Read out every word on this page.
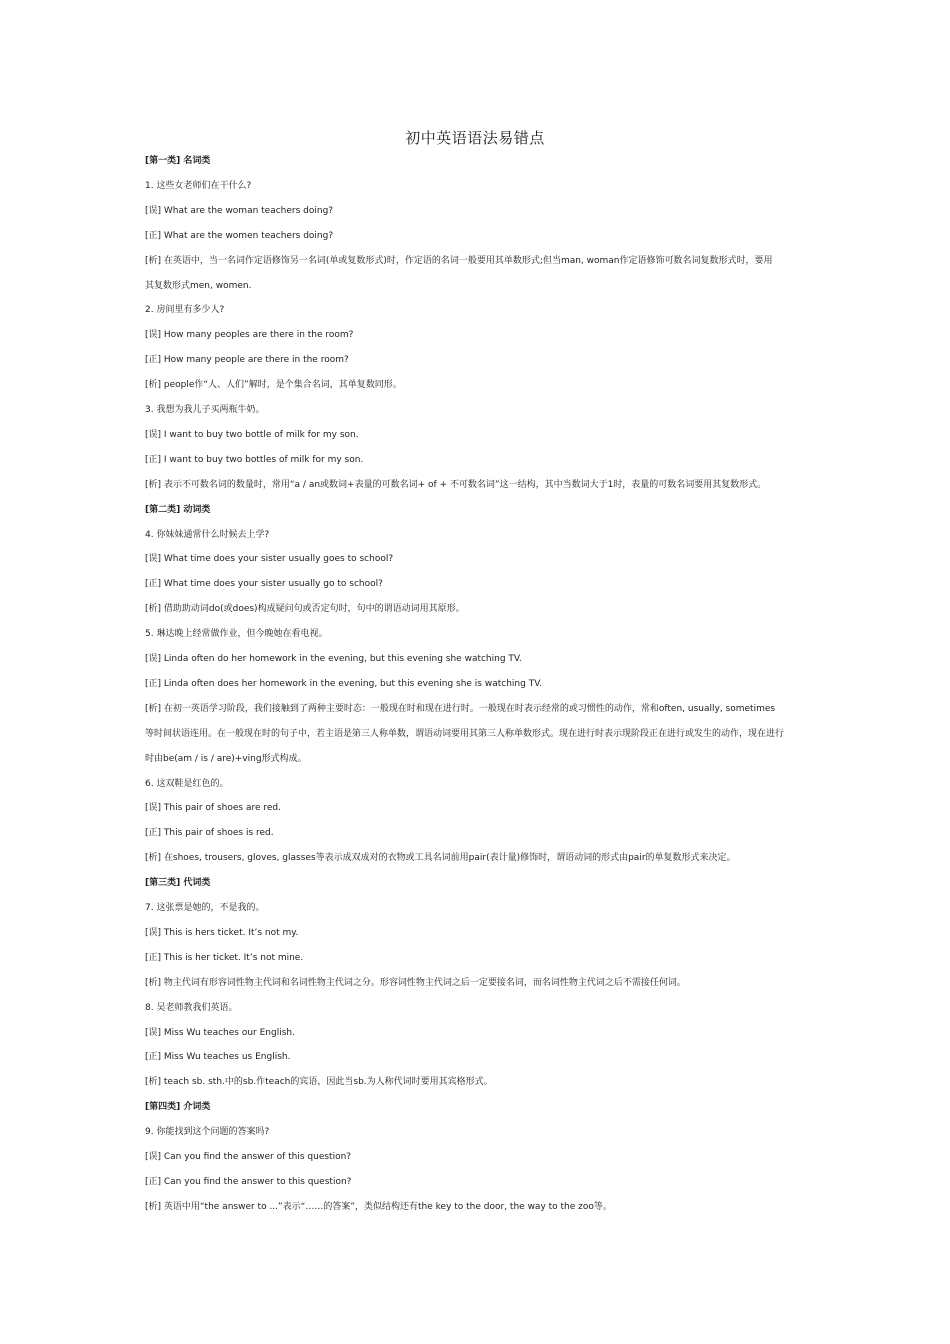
初中英语语法易错点
[第一类] 名词类
1. 这些女老师们在干什么?
[误] What are the woman teachers doing?
[正] What are the women teachers doing?
[析] 在英语中，当一名词作定语修饰另一名词(单或复数形式)时，作定语的名词一般要用其单数形式;但当man, woman作定语修饰可数名词复数形式时，要用
其复数形式men, women.
2. 房间里有多少人?
[误] How many peoples are there in the room?
[正] How many people are there in the room?
[析] people作“人、人们”解时，是个集合名词，其单复数同形。
3. 我想为我儿子买两瓶牛奶。
[误] I want to buy two bottle of milk for my son.
[正] I want to buy two bottles of milk for my son.
[析] 表示不可数名词的数量时，常用“a / an或数词+表量的可数名词+ of + 不可数名词”这一结构，其中当数词大于1时，表量的可数名词要用其复数形式。
[第二类] 动词类
4. 你妹妹通常什么时候去上学?
[误] What time does your sister usually goes to school?
[正] What time does your sister usually go to school?
[析] 借助助动词do(或does)构成疑问句或否定句时，句中的谓语动词用其原形。
5. 琳达晚上经常做作业，但今晚她在看电视。
[误] Linda often do her homework in the evening, but this evening she watching TV.
[正] Linda often does her homework in the evening, but this evening she is watching TV.
[析] 在初一英语学习阶段，我们接触到了两种主要时态：一般现在时和现在进行时。一般现在时表示经常的或习惯性的动作，常和often, usually, sometimes
等时间状语连用。在一般现在时的句子中，若主语是第三人称单数，谓语动词要用其第三人称单数形式。现在进行时表示现阶段正在进行或发生的动作，现在进行
时由be(am / is / are)+ving形式构成。
6. 这双鞋是红色的。
[误] This pair of shoes are red.
[正] This pair of shoes is red.
[析] 在shoes, trousers, gloves, glasses等表示成双成对的衣物或工具名词前用pair(表计量)修饰时，谓语动词的形式由pair的单复数形式来决定。
[第三类] 代词类
7. 这张票是她的，不是我的。
[误] This is hers ticket. It’s not my.
[正] This is her ticket. It’s not mine.
[析] 物主代词有形容词性物主代词和名词性物主代词之分。形容词性物主代词之后一定要接名词，而名词性物主代词之后不需接任何词。
8. 吴老师教我们英语。
[误] Miss Wu teaches our English.
[正] Miss Wu teaches us English.
[析] teach sb. sth.中的sb.作teach的宾语，因此当sb.为人称代词时要用其宾格形式。
[第四类] 介词类
9. 你能找到这个问题的答案吗?
[误] Can you find the answer of this question?
[正] Can you find the answer to this question?
[析] 英语中用“the answer to ...”表示“……的答案”，类似结构还有the key to the door, the way to the zoo等。
